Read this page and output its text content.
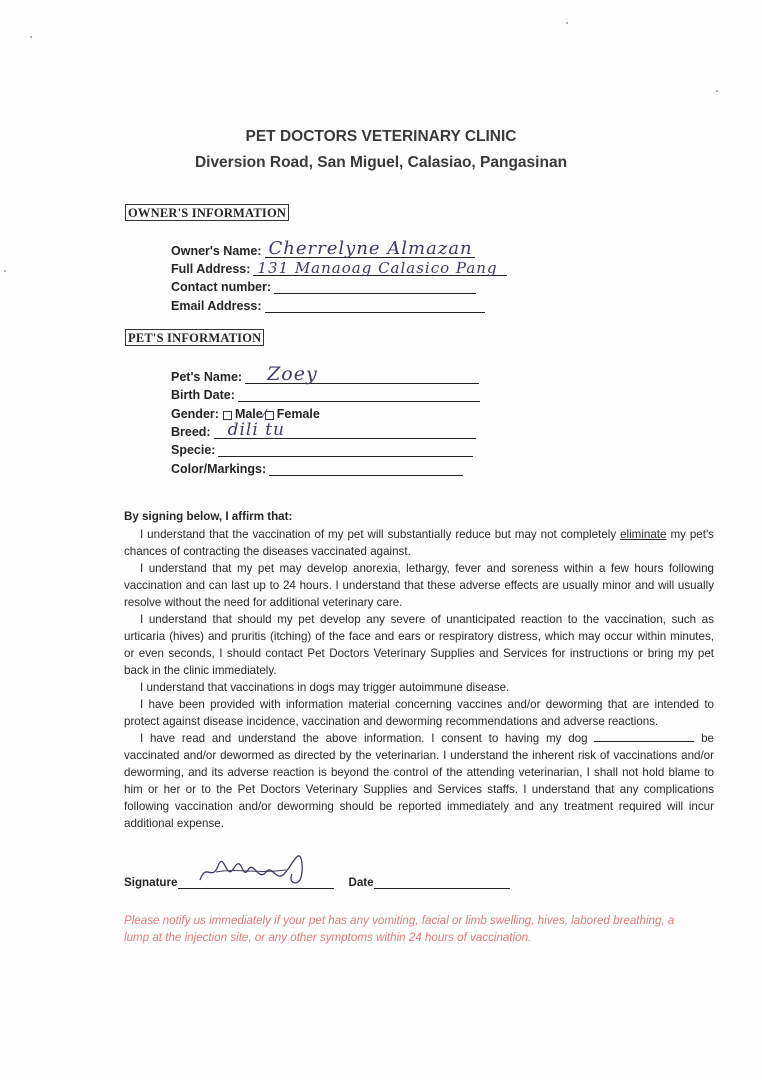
PET DOCTORS VETERINARY CLINIC
Diversion Road, San Miguel, Calasiao, Pangasinan
OWNER'S INFORMATION
Owner's Name: Cherrelyne Almazan
Full Address: 131 Manaoag Calasico Pang
Contact number:
Email Address:
PET'S INFORMATION
Pet's Name: Zoey
Birth Date:
Gender: Male ⁄ Female
Breed: dili tu
Specie:
Color/Markings:
By signing below, I affirm that:

I understand that the vaccination of my pet will substantially reduce but may not completely eliminate my pet's chances of contracting the diseases vaccinated against.

I understand that my pet may develop anorexia, lethargy, fever and soreness within a few hours following vaccination and can last up to 24 hours. I understand that these adverse effects are usually minor and will usually resolve without the need for additional veterinary care.

I understand that should my pet develop any severe of unanticipated reaction to the vaccination, such as urticaria (hives) and pruritis (itching) of the face and ears or respiratory distress, which may occur within minutes, or even seconds, I should contact Pet Doctors Veterinary Supplies and Services for instructions or bring my pet back in the clinic immediately.

I understand that vaccinations in dogs may trigger autoimmune disease.

I have been provided with information material concerning vaccines and/or deworming that are intended to protect against disease incidence, vaccination and deworming recommendations and adverse reactions.

I have read and understand the above information. I consent to having my dog	be vaccinated and/or dewormed as directed by the veterinarian. I understand the inherent risk of vaccinations and/or deworming, and its adverse reaction is beyond the control of the attending veterinarian, I shall not hold blame to him or her or to the Pet Doctors Veterinary Supplies and Services staffs. I understand that any complications following vaccination and/or deworming should be reported immediately and any treatment required will incur additional expense.

Signature	Date
Please notify us immediately if your pet has any vomiting, facial or limb swelling, hives, labored breathing, a lump at the injection site, or any other symptoms within 24 hours of vaccination.
